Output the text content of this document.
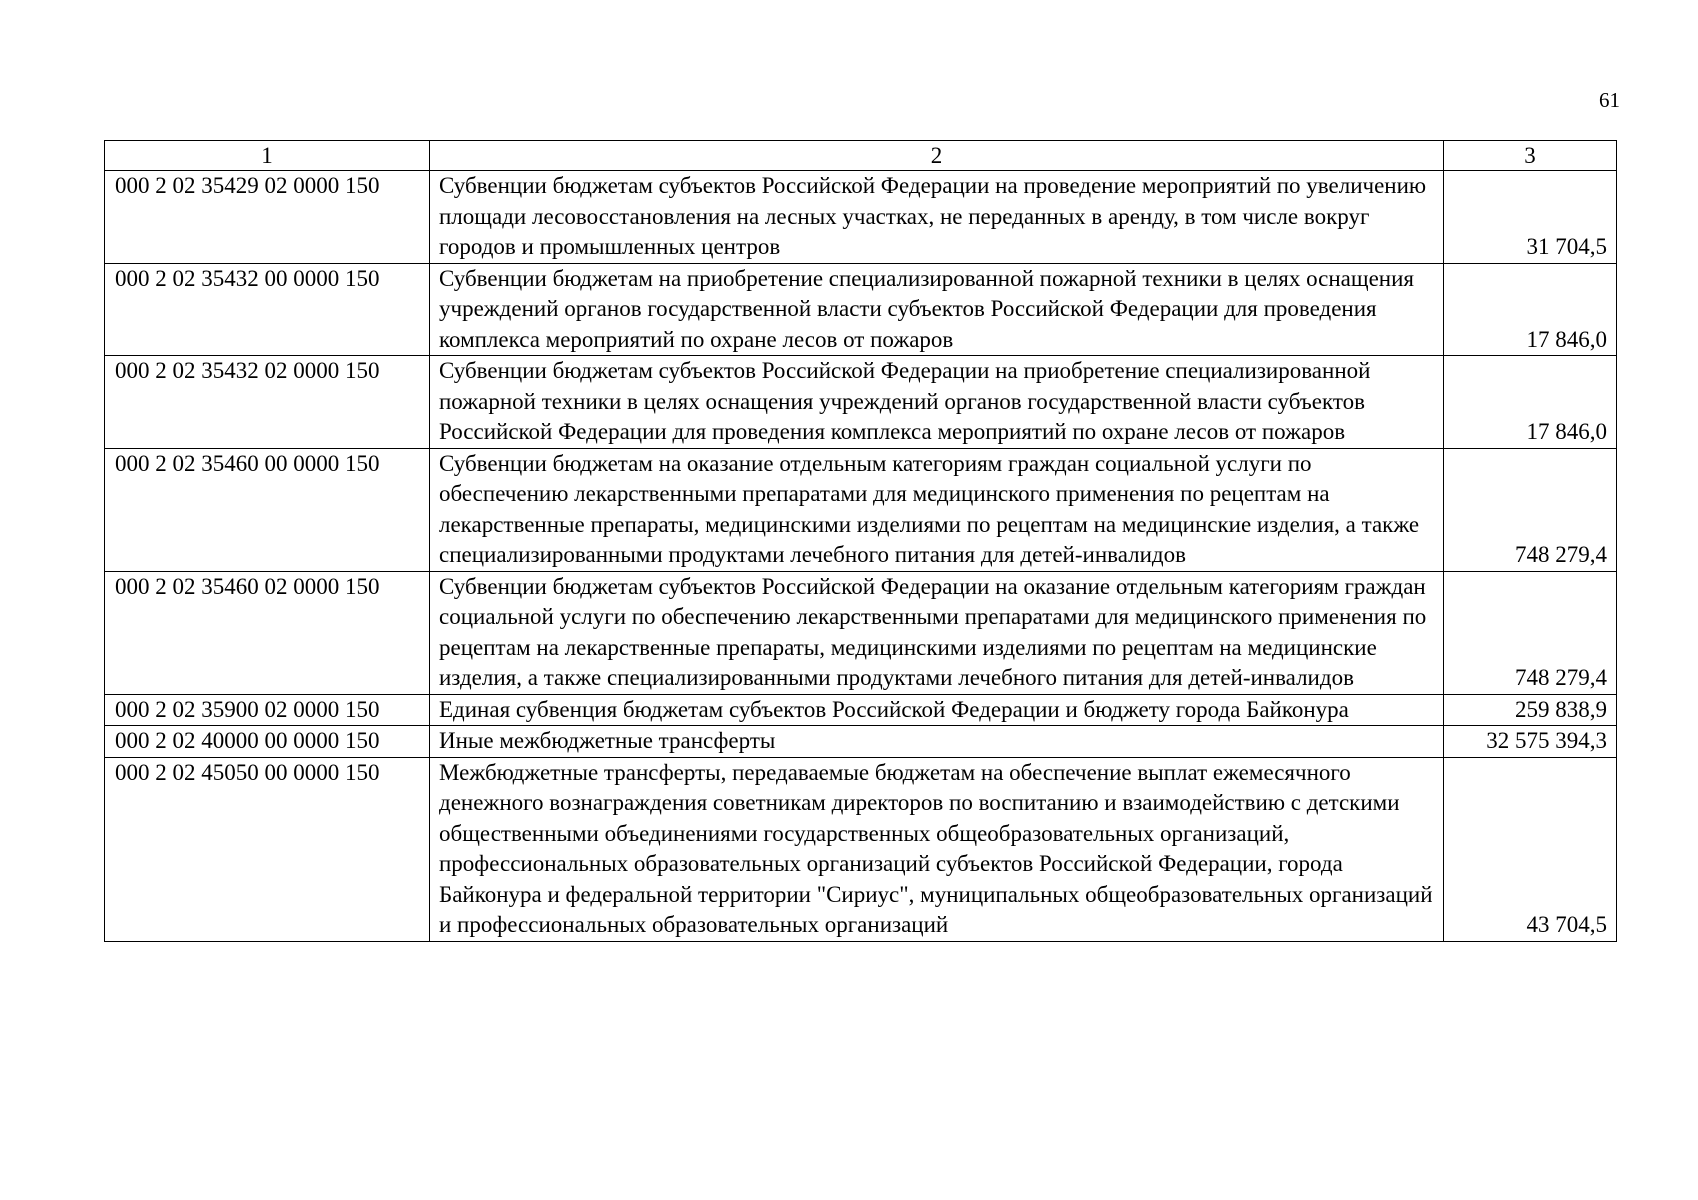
61
1	2	3
000 2 02 35429 02 0000 150	Субвенции бюджетам субъектов Российской Федерации на проведение мероприятий по увеличению площади лесовосстановления на лесных участках, не переданных в аренду, в том числе вокруг городов и промышленных центров	31 704,5
000 2 02 35432 00 0000 150	Субвенции бюджетам на приобретение специализированной пожарной техники в целях оснащения учреждений органов государственной власти субъектов Российской Федерации для проведения комплекса мероприятий по охране лесов от пожаров	17 846,0
000 2 02 35432 02 0000 150	Субвенции бюджетам субъектов Российской Федерации на приобретение специализированной пожарной техники в целях оснащения учреждений органов государственной власти субъектов Российской Федерации для проведения комплекса мероприятий по охране лесов от пожаров	17 846,0
000 2 02 35460 00 0000 150	Субвенции бюджетам на оказание отдельным категориям граждан социальной услуги по обеспечению лекарственными препаратами для медицинского применения по рецептам на лекарственные препараты, медицинскими изделиями по рецептам на медицинские изделия, а также специализированными продуктами лечебного питания для детей-инвалидов	748 279,4
000 2 02 35460 02 0000 150	Субвенции бюджетам субъектов Российской Федерации на оказание отдельным категориям граждан социальной услуги по обеспечению лекарственными препаратами для медицинского применения по рецептам на лекарственные препараты, медицинскими изделиями по рецептам на медицинские изделия, а также специализированными продуктами лечебного питания для детей-инвалидов	748 279,4
000 2 02 35900 02 0000 150	Единая субвенция бюджетам субъектов Российской Федерации и бюджету города Байконура	259 838,9
000 2 02 40000 00 0000 150	Иные межбюджетные трансферты	32 575 394,3
000 2 02 45050 00 0000 150	Межбюджетные трансферты, передаваемые бюджетам на обеспечение выплат ежемесячного денежного вознаграждения советникам директоров по воспитанию и взаимодействию с детскими общественными объединениями государственных общеобразовательных организаций, профессиональных образовательных организаций субъектов Российской Федерации, города Байконура и федеральной территории "Сириус", муниципальных общеобразовательных организаций и профессиональных образовательных организаций	43 704,5
